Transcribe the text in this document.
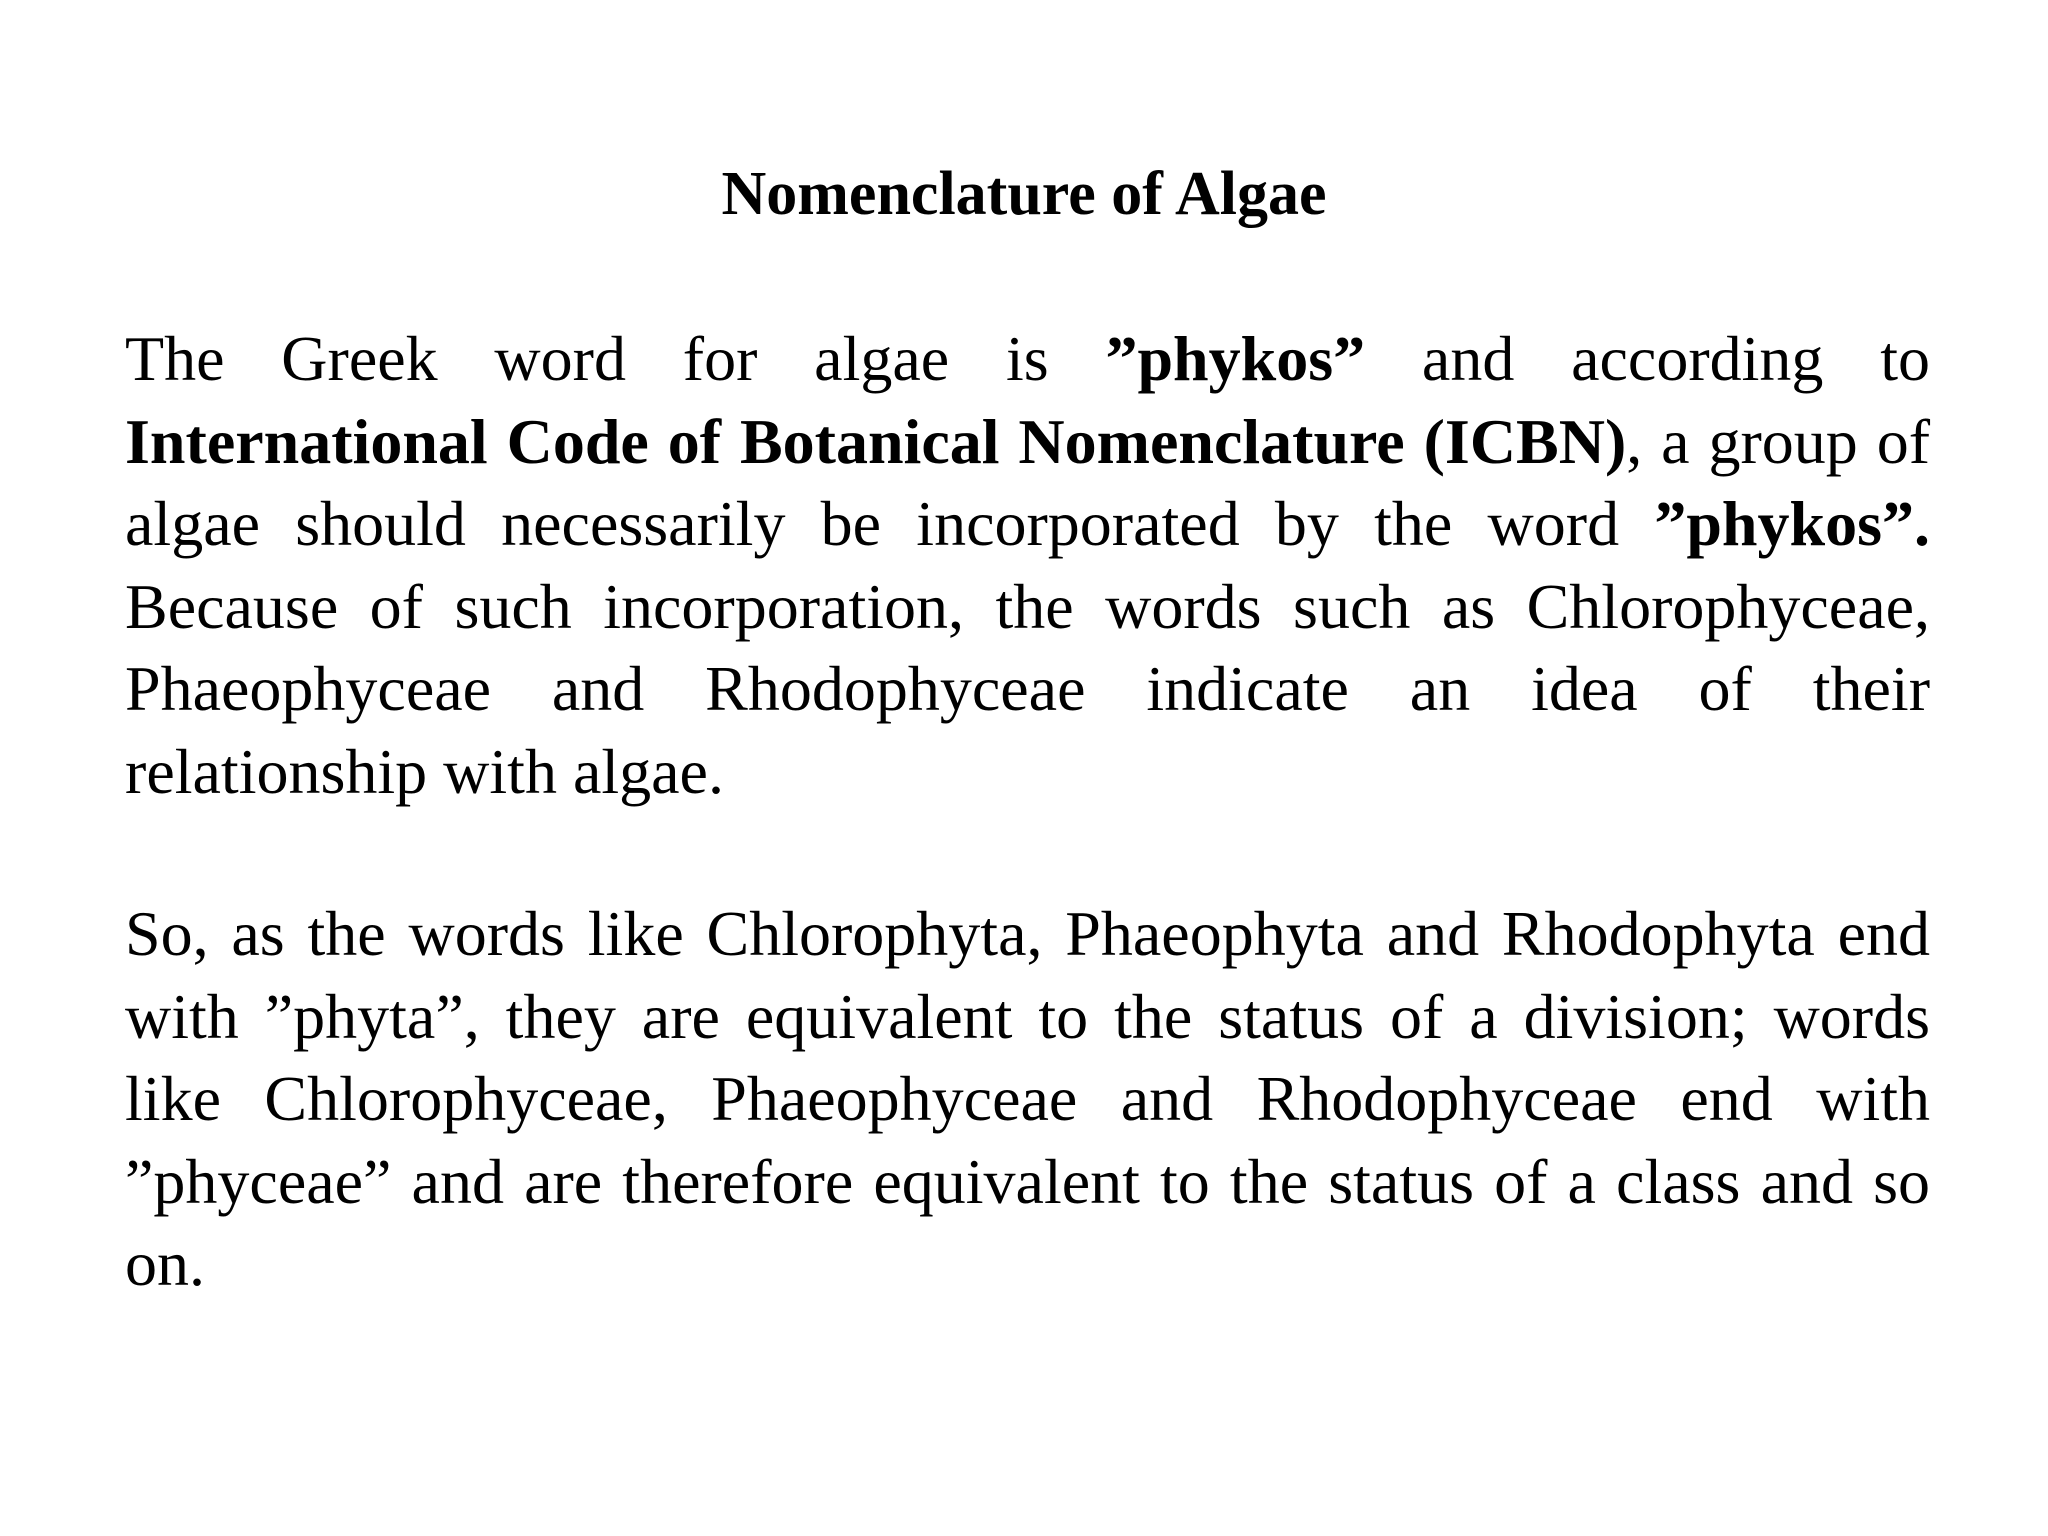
Nomenclature of Algae

The Greek word for algae is ”phykos” and according to International Code of Botanical Nomenclature (ICBN), a group of algae should necessarily be incorporated by the word ”phykos”. Because of such incorporation, the words such as Chlorophyceae, Phaeophyceae and Rhodophyceae indicate an idea of their relationship with algae.

So, as the words like Chlorophyta, Phaeophyta and Rhodophyta end with ”phyta”, they are equivalent to the status of a division; words like Chlorophyceae, Phaeophyceae and Rhodophyceae end with ”phyceae” and are therefore equivalent to the status of a class and so on.
